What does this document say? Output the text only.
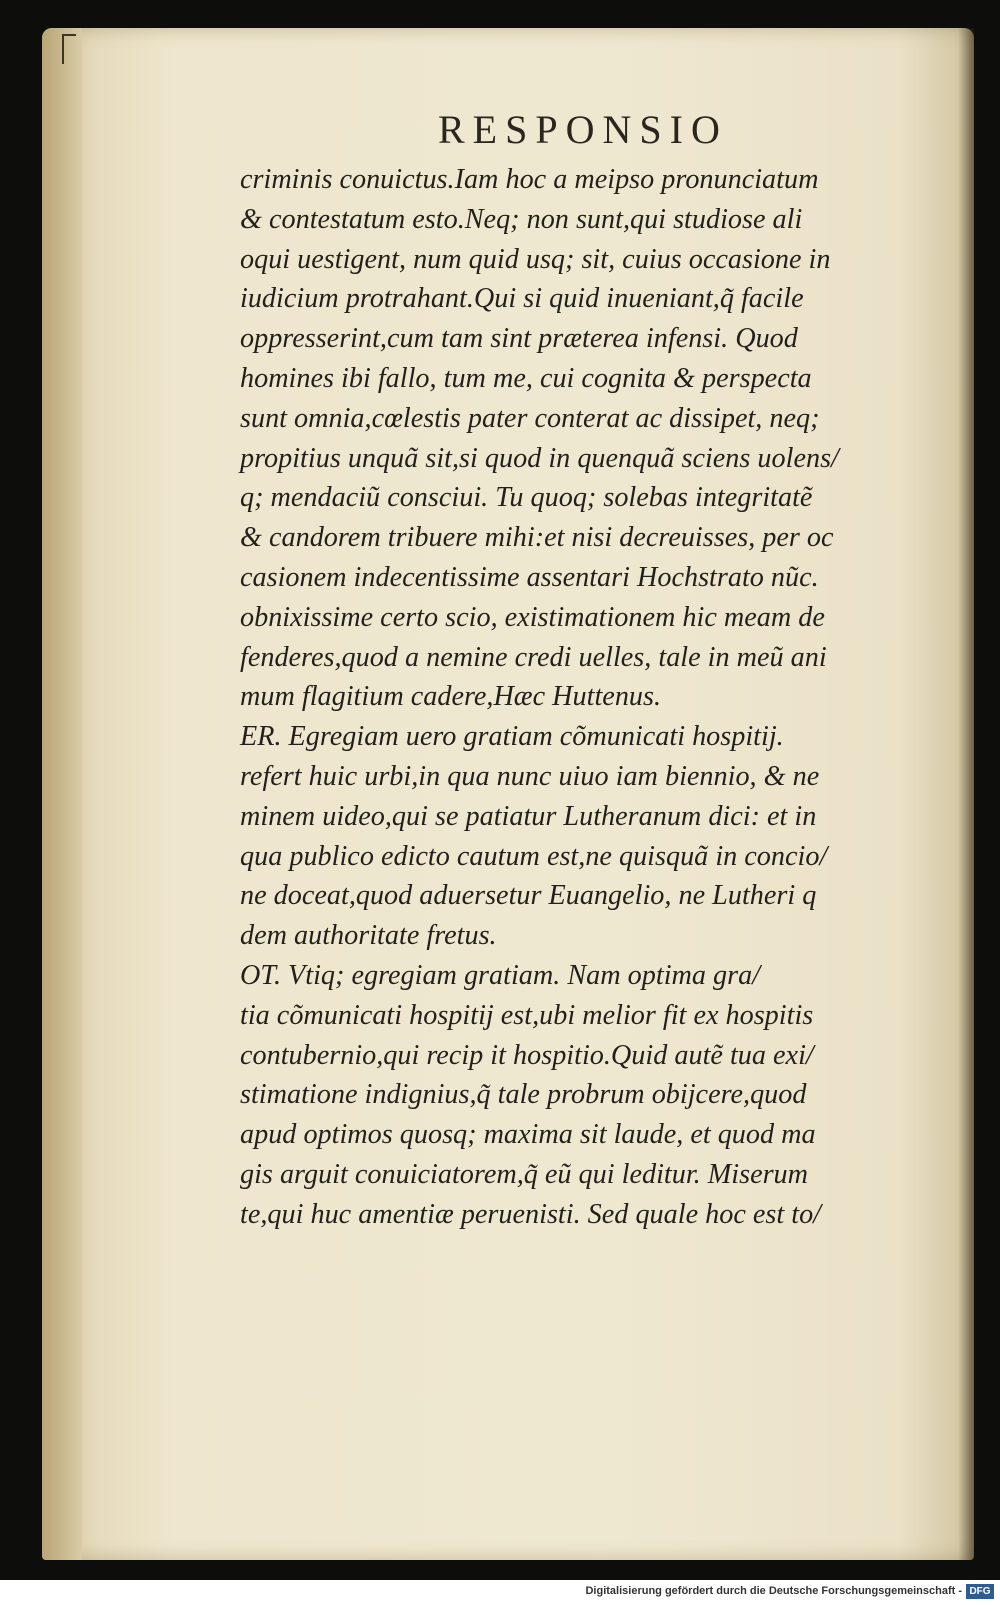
RESPONSIO
criminis conuictus.Iam hoc a meipso pronunciatum
& contestatum esto.Neq; non sunt,qui studiose ali
oqui uestigent, num quid usq; sit, cuius occasione in
iudicium protrahant.Qui si quid inueniant,q̃ facile
oppresserint,cum tam sint præterea infensi. Quod
homines ibi fallo, tum me, cui cognita & perspecta
sunt omnia,cœlestis pater conterat ac dissipet, neq;
propitius unquã sit,si quod in quenquã sciens uolens/
q; mendaciũ consciui. Tu quoq; solebas integritatẽ
& candorem tribuere mihi:et nisi decreuisses, per oc
casionem indecentissime assentari Hochstrato nũc.
obnixissime certo scio, existimationem hic meam de
fenderes,quod a nemine credi uelles, tale in meũ ani
mum flagitium cadere,Hæc Huttenus.
ER. Egregiam uero gratiam cõmunicati hospitij.
refert huic urbi,in qua nunc uiuo iam biennio, & ne
minem uideo,qui se patiatur Lutheranum dici: et in
qua publico edicto cautum est,ne quisquã in concio/
ne doceat,quod aduersetur Euangelio, ne Lutheri q
dem authoritate fretus.
OT. Vtiq; egregiam gratiam. Nam optima gra/
tia cõmunicati hospitij est,ubi melior fit ex hospitis
contubernio,qui recip it hospitio.Quid autẽ tua exi/
stimatione indignius,q̃ tale probrum obijcere,quod
apud optimos quosq; maxima sit laude, et quod ma
gis arguit conuiciatorem,q̃ eũ qui leditur. Miserum
te,qui huc amentiæ peruenisti. Sed quale hoc est to/
Digitalisierung gefördert durch die Deutsche Forschungsgemeinschaft - DFG
